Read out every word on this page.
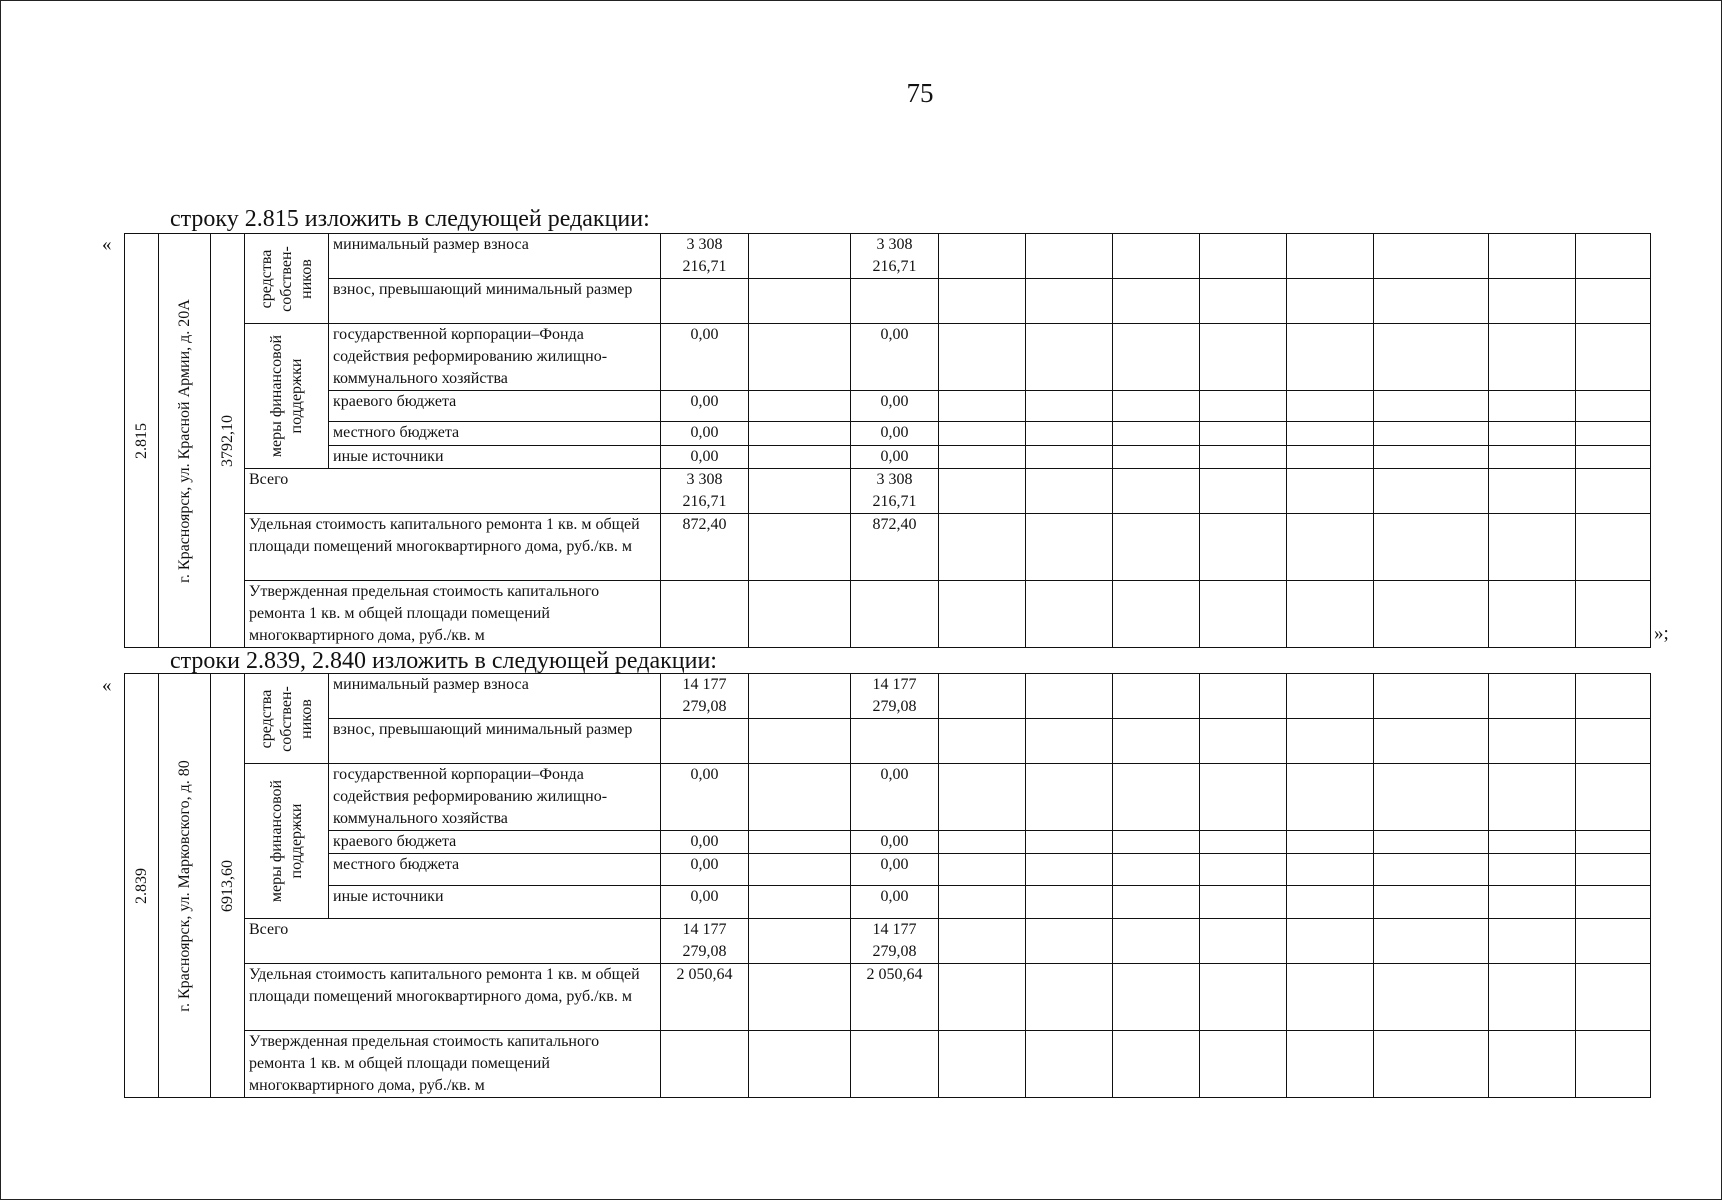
75
строку 2.815 изложить в следующей редакции:
«
»;
2.815	г. Красноярск, ул. Красной Армии, д. 20А	3792,10	средства собствен-ников	минимальный размер взноса	3 308 216,71		3 308 216,71								
				взнос, превышающий минимальный размер											

			меры финансовой поддержки	государственной корпорации–Фонда содействия реформированию жилищно-коммунального хозяйства	0,00		0,00								
				краевого бюджета	0,00		0,00								
				местного бюджета	0,00		0,00								
				иные источники	0,00		0,00								
			Всего		3 308 216,71		3 308 216,71								
			Удельная стоимость капитального ремонта 1 кв. м общей площади помещений многоквартирного дома, руб./кв. м		872,40		872,40								
			Утвержденная предельная стоимость капитального ремонта 1 кв. м общей площади помещений многоквартирного дома, руб./кв. м												
строки 2.839, 2.840 изложить в следующей редакции:
«
2.839	г. Красноярск, ул. Марковского, д. 80	6913,60	средства собствен-ников	минимальный размер взноса	14 177 279,08		14 177 279,08								
				взнос, превышающий минимальный размер											

			меры финансовой поддержки	государственной корпорации–Фонда содействия реформированию жилищно-коммунального хозяйства	0,00		0,00								
				краевого бюджета	0,00		0,00								
				местного бюджета	0,00		0,00								
				иные источники	0,00		0,00								
			Всего		14 177 279,08		14 177 279,08								
			Удельная стоимость капитального ремонта 1 кв. м общей площади помещений многоквартирного дома, руб./кв. м		2 050,64		2 050,64								
			Утвержденная предельная стоимость капитального ремонта 1 кв. м общей площади помещений многоквартирного дома, руб./кв. м												
